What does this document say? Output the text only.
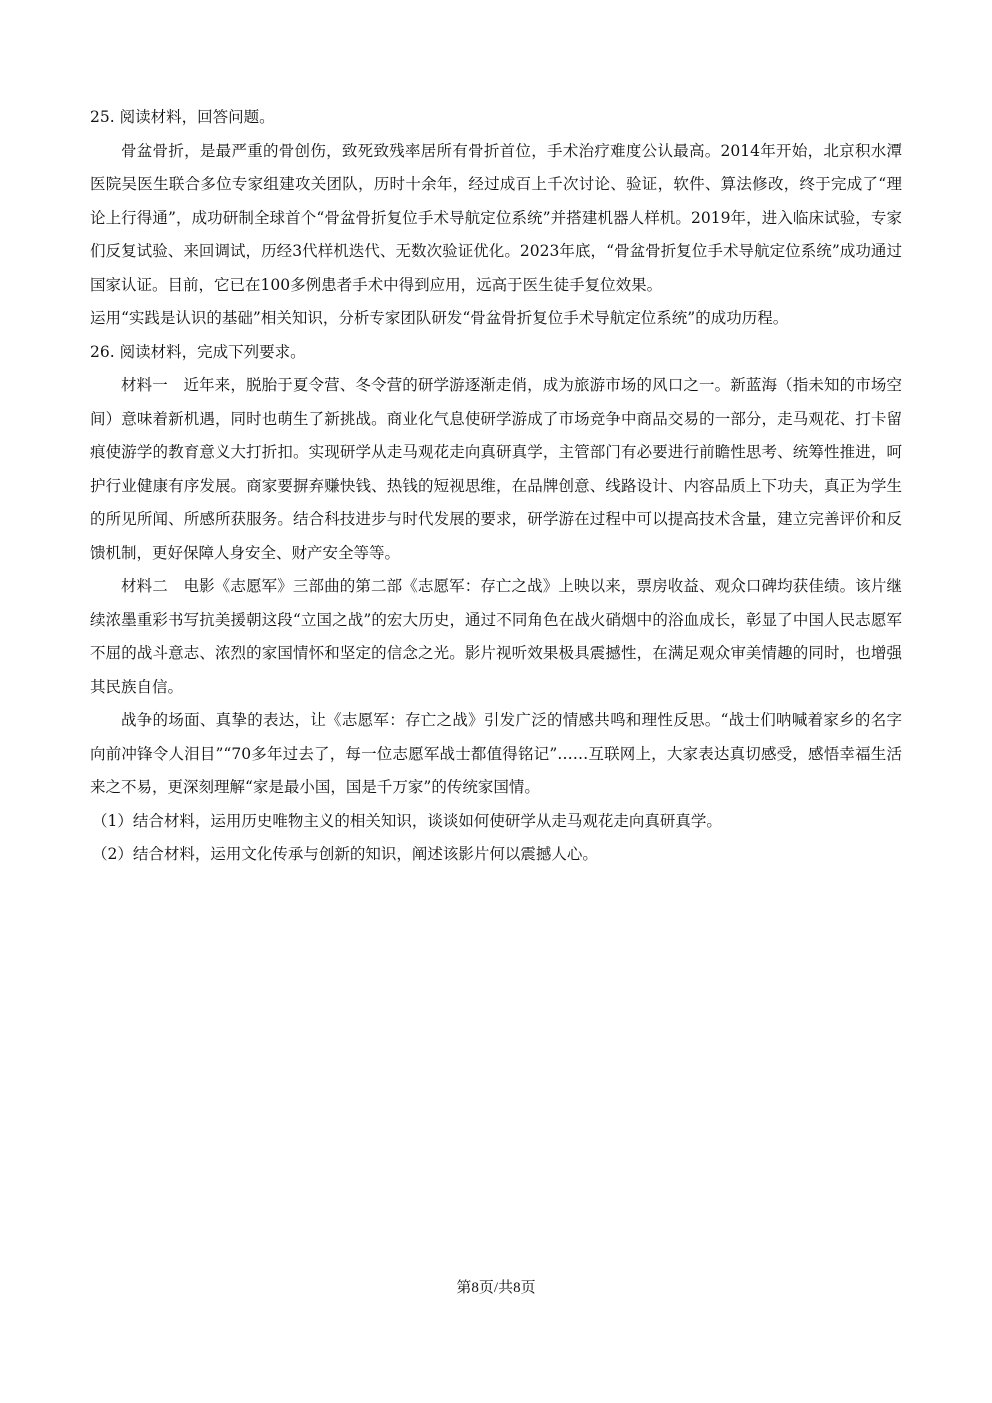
25. 阅读材料，回答问题。

骨盆骨折，是最严重的骨创伤，致死致残率居所有骨折首位，手术治疗难度公认最高。2014年开始，北京积水潭医院吴医生联合多位专家组建攻关团队，历时十余年，经过成百上千次讨论、验证，软件、算法修改，终于完成了“理论上行得通”，成功研制全球首个“骨盆骨折复位手术导航定位系统”并搭建机器人样机。2019年，进入临床试验，专家们反复试验、来回调试，历经3代样机迭代、无数次验证优化。2023年底，“骨盆骨折复位手术导航定位系统”成功通过国家认证。目前，它已在100多例患者手术中得到应用，远高于医生徒手复位效果。

运用“实践是认识的基础”相关知识，分析专家团队研发“骨盆骨折复位手术导航定位系统”的成功历程。

26. 阅读材料，完成下列要求。

材料一　近年来，脱胎于夏令营、冬令营的研学游逐渐走俏，成为旅游市场的风口之一。新蓝海（指未知的市场空间）意味着新机遇，同时也萌生了新挑战。商业化气息使研学游成了市场竞争中商品交易的一部分，走马观花、打卡留痕使游学的教育意义大打折扣。实现研学从走马观花走向真研真学，主管部门有必要进行前瞻性思考、统筹性推进，呵护行业健康有序发展。商家要摒弃赚快钱、热钱的短视思维，在品牌创意、线路设计、内容品质上下功夫，真正为学生的所见所闻、所感所获服务。结合科技进步与时代发展的要求，研学游在过程中可以提高技术含量，建立完善评价和反馈机制，更好保障人身安全、财产安全等等。

材料二　电影《志愿军》三部曲的第二部《志愿军：存亡之战》上映以来，票房收益、观众口碑均获佳绩。该片继续浓墨重彩书写抗美援朝这段“立国之战”的宏大历史，通过不同角色在战火硝烟中的浴血成长，彰显了中国人民志愿军不屈的战斗意志、浓烈的家国情怀和坚定的信念之光。影片视听效果极具震撼性，在满足观众审美情趣的同时，也增强其民族自信。

战争的场面、真挚的表达，让《志愿军：存亡之战》引发广泛的情感共鸣和理性反思。“战士们呐喊着家乡的名字向前冲锋令人泪目”“70多年过去了，每一位志愿军战士都值得铭记”……互联网上，大家表达真切感受，感悟幸福生活来之不易，更深刻理解“家是最小国，国是千万家”的传统家国情。

（1）结合材料，运用历史唯物主义的相关知识，谈谈如何使研学从走马观花走向真研真学。

（2）结合材料，运用文化传承与创新的知识，阐述该影片何以震撼人心。

第8页/共8页
